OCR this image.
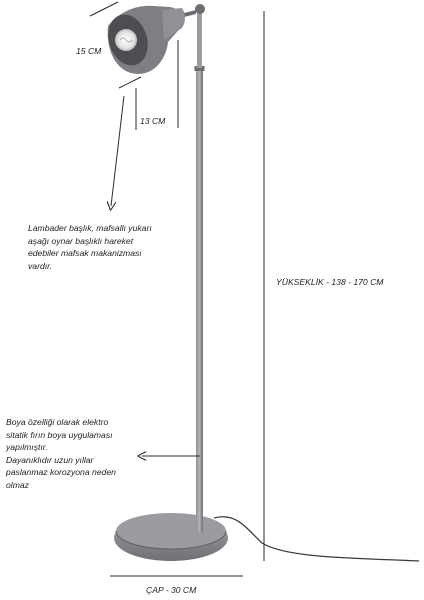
15 CM

13 CM

YÜKSEKLİK - 138 - 170 CM

ÇAP - 30 CM

Lambader başlık, mafsallı yukarı

aşağı oynar başlıklı hareket

edebiler mafsak makanizması

vardır.

Boya özelliği olarak elektro

sitatik fırın boya uygulaması

yapılmıştır.

Dayanıklıdır uzun yıllar

paslanmaz korozyona neden

olmaz
